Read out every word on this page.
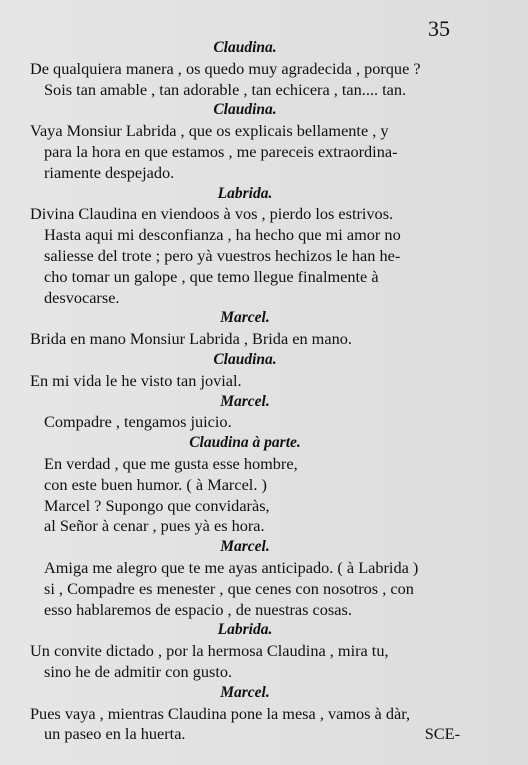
35
Claudina.
De qualquiera manera , os quedo muy agradecida , porque ?
Sois tan amable , tan adorable , tan echicera , tan.... tan.
Claudina.
Vaya Monsiur Labrida , que os explicais bellamente , y
para la hora en que estamos , me pareceis extraordina-
riamente despejado.
Labrida.
Divina Claudina en viendoos à vos , pierdo los estrivos.
Hasta aqui mi desconfianza , ha hecho que mi amor no
saliesse del trote ; pero yà vuestros hechizos le han he-
cho tomar un galope , que temo llegue finalmente à
desvocarse.
Marcel.
Brida en mano Monsiur Labrida , Brida en mano.
Claudina.
En mi vida le he visto tan jovial.
Marcel.
Compadre , tengamos juicio.
Claudina à parte.
En verdad , que me gusta esse hombre,
con este buen humor. ( à Marcel. )
Marcel ? Supongo que convidaràs,
al Señor à cenar , pues yà es hora.
Marcel.
Amiga me alegro que te me ayas anticipado. ( à Labrida )
si , Compadre es menester , que cenes con nosotros , con
esso hablaremos de espacio , de nuestras cosas.
Labrida.
Un convite dictado , por la hermosa Claudina , mira tu,
sino he de admitir con gusto.
Marcel.
Pues vaya , mientras Claudina pone la mesa , vamos à dàr,
un paseo en la huerta.	SCE-
